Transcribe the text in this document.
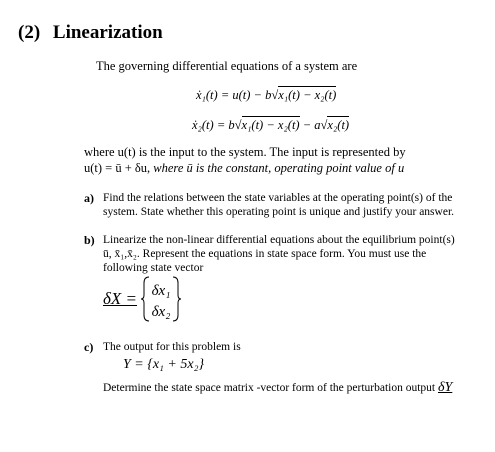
(2) Linearization
The governing differential equations of a system are
ẋ₁(t) = u(t) − b√x₁(t) − x₂(t)
ẋ₂(t) = b√x₁(t) − x₂(t) − a√x₂(t)
where u(t) is the input to the system. The input is represented by
u(t) = ū + δu, where ū is the constant, operating point value of u
a) Find the relations between the state variables at the operating point(s) of the
system. State whether this operating point is unique and justify your answer.
b) Linearize the non-linear differential equations about the equilibrium point(s)
ū, x̄₁,x̄₂. Represent the equations in state space form. You must use the
following state vector
δX = δx₁
δx₂
c) The output for this problem is
Y = {x₁ + 5x₂}
Determine the state space matrix -vector form of the perturbation output δY
